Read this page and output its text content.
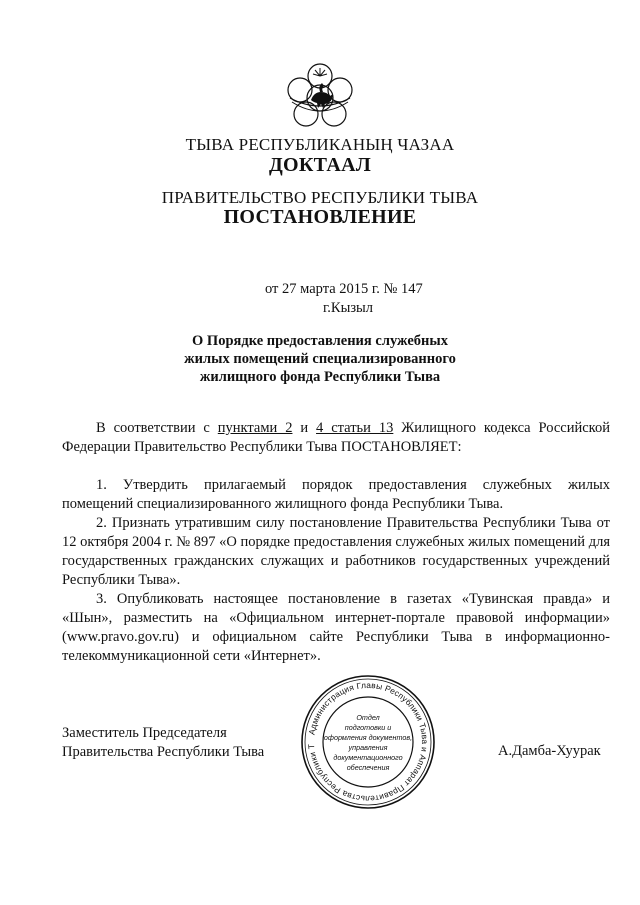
ТЫВА РЕСПУБЛИКАНЫҢ ЧАЗАА
ДОКТААЛ
ПРАВИТЕЛЬСТВО РЕСПУБЛИКИ ТЫВА
ПОСТАНОВЛЕНИЕ
от 27 марта 2015 г. № 147
г.Кызыл
О Порядке предоставления служебных
жилых помещений специализированного
жилищного фонда Республики Тыва

В соответствии с пунктами 2 и 4 статьи 13 Жилищного кодекса Российской Федерации Правительство Республики Тыва ПОСТАНОВЛЯЕТ:

1. Утвердить прилагаемый порядок предоставления служебных жилых помещений специализированного жилищного фонда Республики Тыва.

2. Признать утратившим силу постановление Правительства Республики Тыва от 12 октября 2004 г. № 897 «О порядке предоставления служебных жилых помещений для государственных гражданских служащих и работников государственных учреждений Республики Тыва».

3. Опубликовать настоящее постановление в газетах «Тувинская правда» и «Шын», разместить на «Официальном интернет-портале правовой информации» (www.pravo.gov.ru) и официальном сайте Республики Тыва в информационно-телекоммуникационной сети «Интернет».

Администрация Главы Республики Тыва и Аппарат Правительства Республики Т
Отдел
подготовки и
оформления документов,
управления
документационного
обеспечения
Заместитель Председателя
Правительства Республики Тыва	А.Дамба-Хуурак
